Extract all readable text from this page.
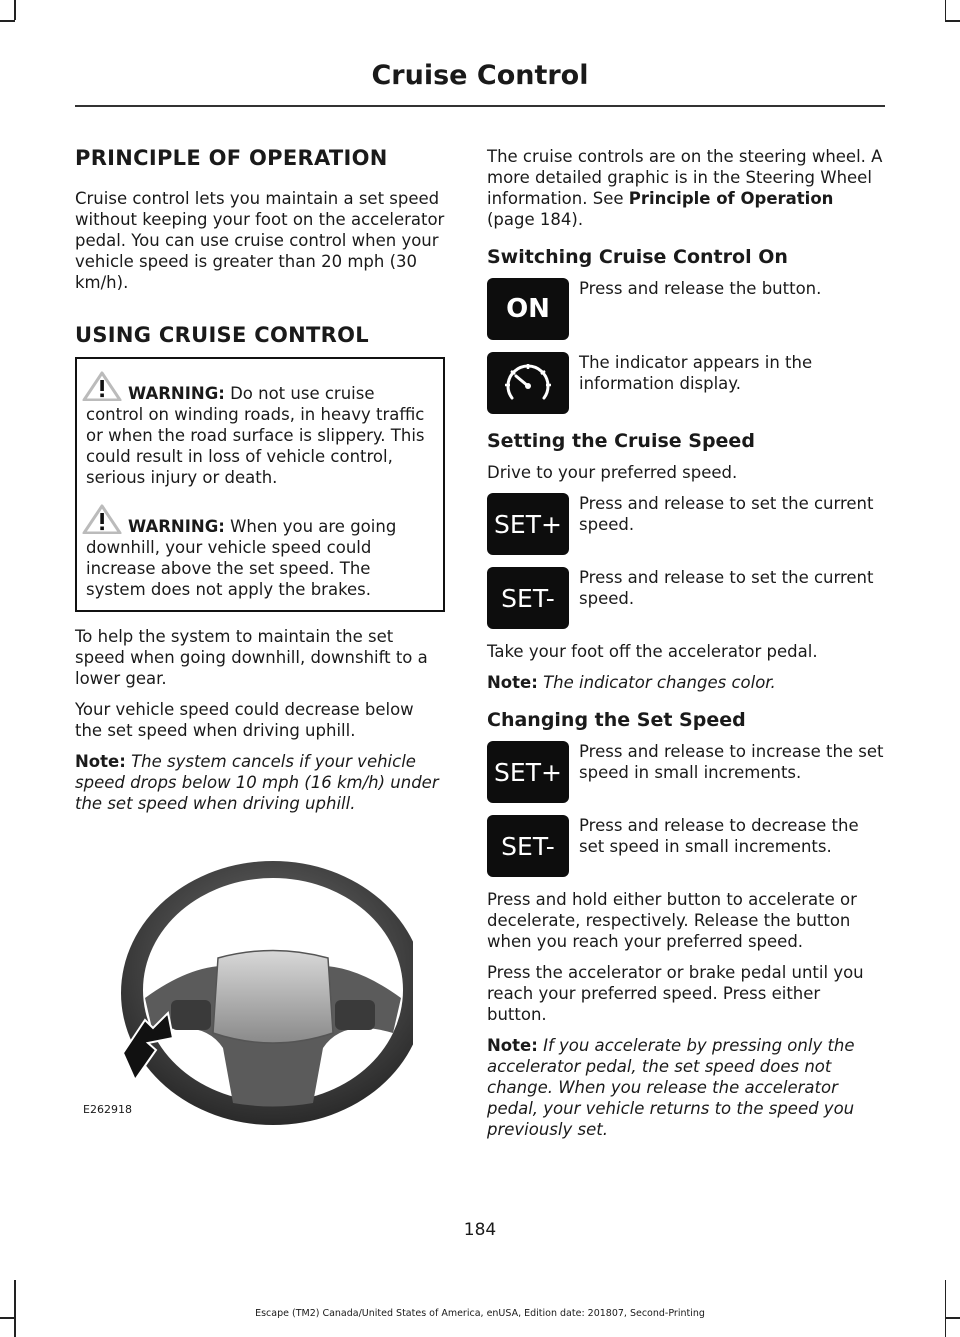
Cruise Control
PRINCIPLE OF OPERATION

Cruise control lets you maintain a set speed without keeping your foot on the accelerator pedal. You can use cruise control when your vehicle speed is greater than 20 mph (30 km/h).

USING CRUISE CONTROL
WARNING: Do not use cruise control on winding roads, in heavy traffic or when the road surface is slippery. This could result in loss of vehicle control, serious injury or death.
WARNING: When you are going downhill, your vehicle speed could increase above the set speed. The system does not apply the brakes.

To help the system to maintain the set speed when going downhill, downshift to a lower gear.

Your vehicle speed could decrease below the set speed when driving uphill.

Note: The system cancels if your vehicle speed drops below 10 mph (16 km/h) under the set speed when driving uphill.

E262918

The cruise controls are on the steering wheel. A more detailed graphic is in the Steering Wheel information. See Principle of Operation (page 184).

Switching Cruise Control On
ON
Press and release the button.
The indicator appears in the information display.
Setting the Cruise Speed

Drive to your preferred speed.

SET+
Press and release to set the current speed.
SET-
Press and release to set the current speed.

Take your foot off the accelerator pedal.

Note: The indicator changes color.

Changing the Set Speed
SET+
Press and release to increase the set speed in small increments.
SET-
Press and release to decrease the set speed in small increments.

Press and hold either button to accelerate or decelerate, respectively. Release the button when you reach your preferred speed.

Press the accelerator or brake pedal until you reach your preferred speed. Press either button.

Note: If you accelerate by pressing only the accelerator pedal, the set speed does not change. When you release the accelerator pedal, your vehicle returns to the speed you previously set.

184
Escape (TM2) Canada/United States of America, enUSA, Edition date: 201807, Second-Printing
